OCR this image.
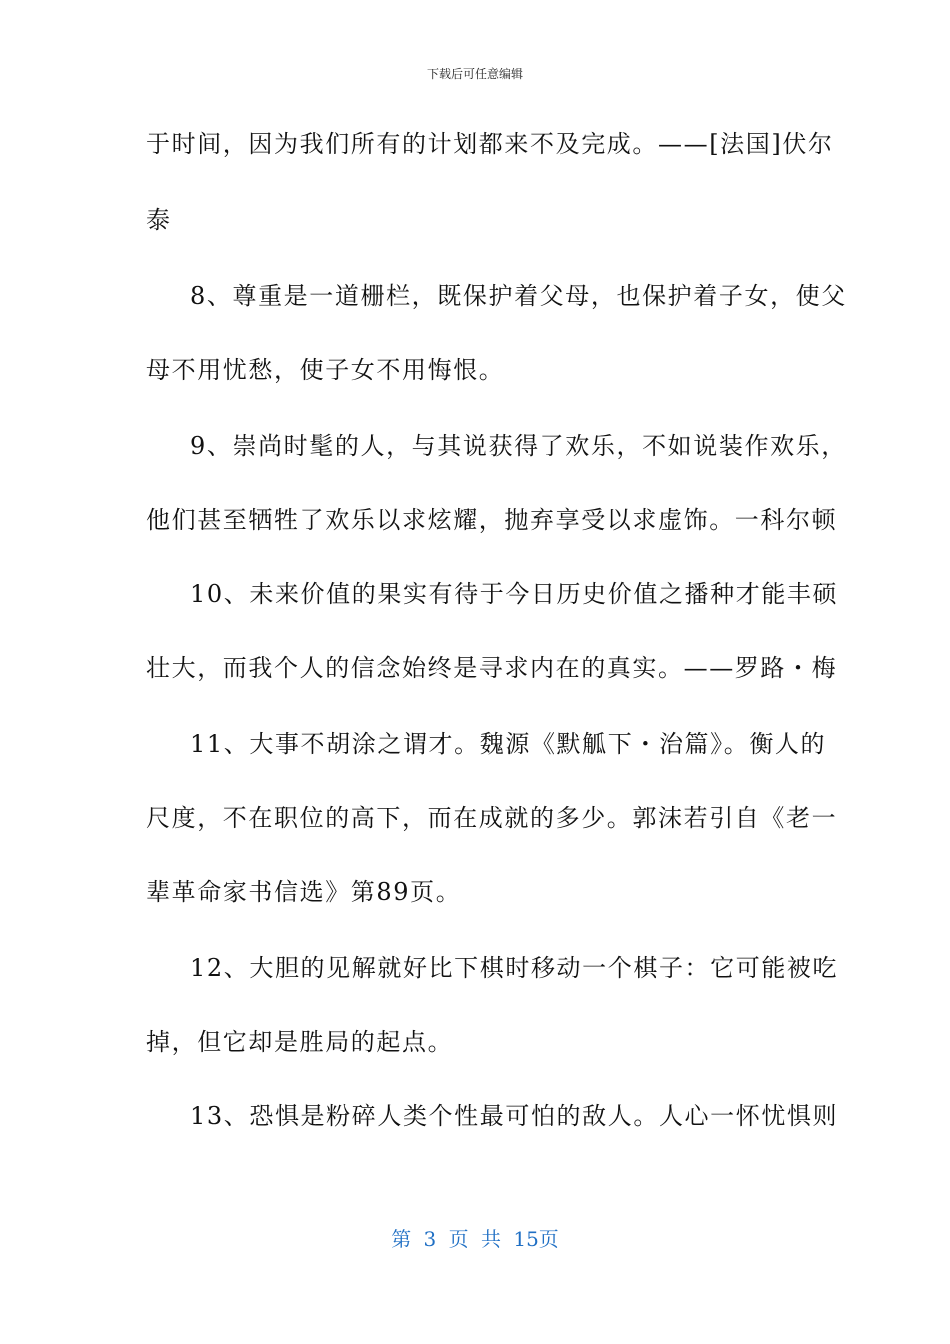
下载后可任意编辑
于时间，因为我们所有的计划都来不及完成。——[法国]伏尔
泰
8、尊重是一道栅栏，既保护着父母，也保护着子女，使父
母不用忧愁，使子女不用悔恨。
9、崇尚时髦的人，与其说获得了欢乐，不如说装作欢乐，
他们甚至牺牲了欢乐以求炫耀，抛弃享受以求虚饰。一科尔顿
10、未来价值的果实有待于今日历史价值之播种才能丰硕
壮大，而我个人的信念始终是寻求内在的真实。——罗路・梅
11、大事不胡涂之谓才。魏源《默觚下・治篇》。衡人的
尺度，不在职位的高下，而在成就的多少。郭沫若引自《老一
辈革命家书信选》第89页。
12、大胆的见解就好比下棋时移动一个棋子：它可能被吃
掉，但它却是胜局的起点。
13、恐惧是粉碎人类个性最可怕的敌人。人心一怀忧惧则
第 3 页 共 15页
